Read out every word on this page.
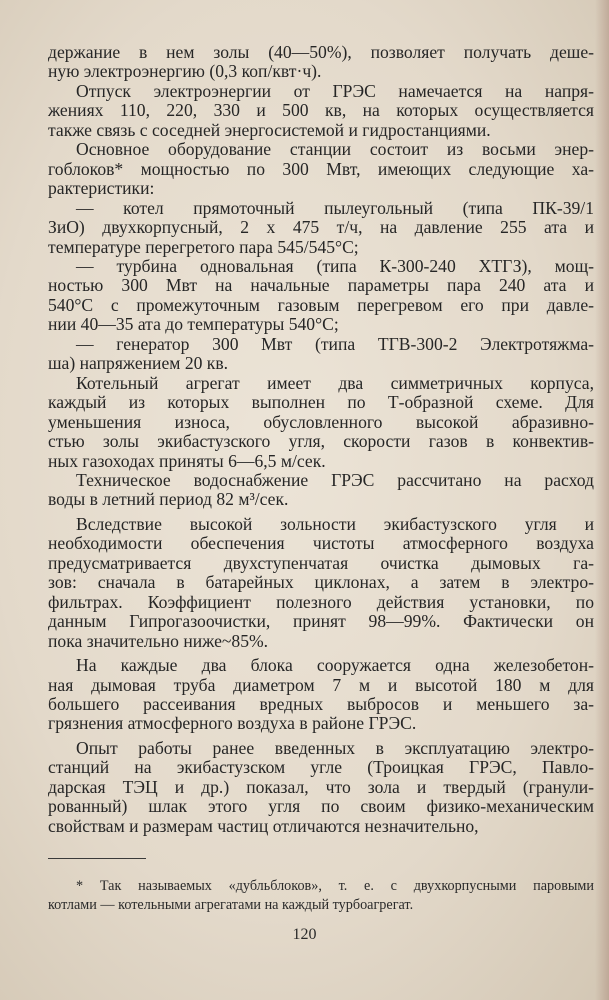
держание в нем золы (40—50%), позволяет получать деше-
ную электроэнергию (0,3 коп/квт·ч).

Отпуск электроэнергии от ГРЭС намечается на напря-
жениях 110, 220, 330 и 500 кв, на которых осуществляется
также связь с соседней энергосистемой и гидростанциями.

Основное оборудование станции состоит из восьми энер-
гоблоков* мощностью по 300 Мвт, имеющих следующие ха-
рактеристики:

— котел прямоточный пылеугольный (типа ПК-39/1
ЗиО) двухкорпусный, 2 х 475 т/ч, на давление 255 ата и
температуре перегретого пара 545/545°С;

— турбина одновальная (типа К-300-240 ХТГЗ), мощ-
ностью 300 Мвт на начальные параметры пара 240 ата и
540°С с промежуточным газовым перегревом его при давле-
нии 40—35 ата до температуры 540°С;

— генератор 300 Мвт (типа ТГВ-300-2 Электротяжма-
ша) напряжением 20 кв.

Котельный агрегат имеет два симметричных корпуса,
каждый из которых выполнен по Т-образной схеме. Для
уменьшения износа, обусловленного высокой абразивно-
стью золы экибастузского угля, скорости газов в конвектив-
ных газоходах приняты 6—6,5 м/сек.

Техническое водоснабжение ГРЭС рассчитано на расход
воды в летний период 82 м³/сек.

Вследствие высокой зольности экибастузского угля и
необходимости обеспечения чистоты атмосферного воздуха
предусматривается двухступенчатая очистка дымовых га-
зов: сначала в батарейных циклонах, а затем в электро-
фильтрах. Коэффициент полезного действия установки, по
данным Гипрогазоочистки, принят 98—99%. Фактически он
пока значительно ниже~85%.

На каждые два блока сооружается одна железобетон-
ная дымовая труба диаметром 7 м и высотой 180 м для
большего рассеивания вредных выбросов и меньшего за-
грязнения атмосферного воздуха в районе ГРЭС.

Опыт работы ранее введенных в эксплуатацию электро-
станций на экибастузском угле (Троицкая ГРЭС, Павло-
дарская ТЭЦ и др.) показал, что зола и твердый (гранули-
рованный) шлак этого угля по своим физико-механическим
свойствам и размерам частиц отличаются незначительно,

* Так называемых «дубльблоков», т. е. с двухкорпусными паровыми
котлами — котельными агрегатами на каждый турбоагрегат.
120
